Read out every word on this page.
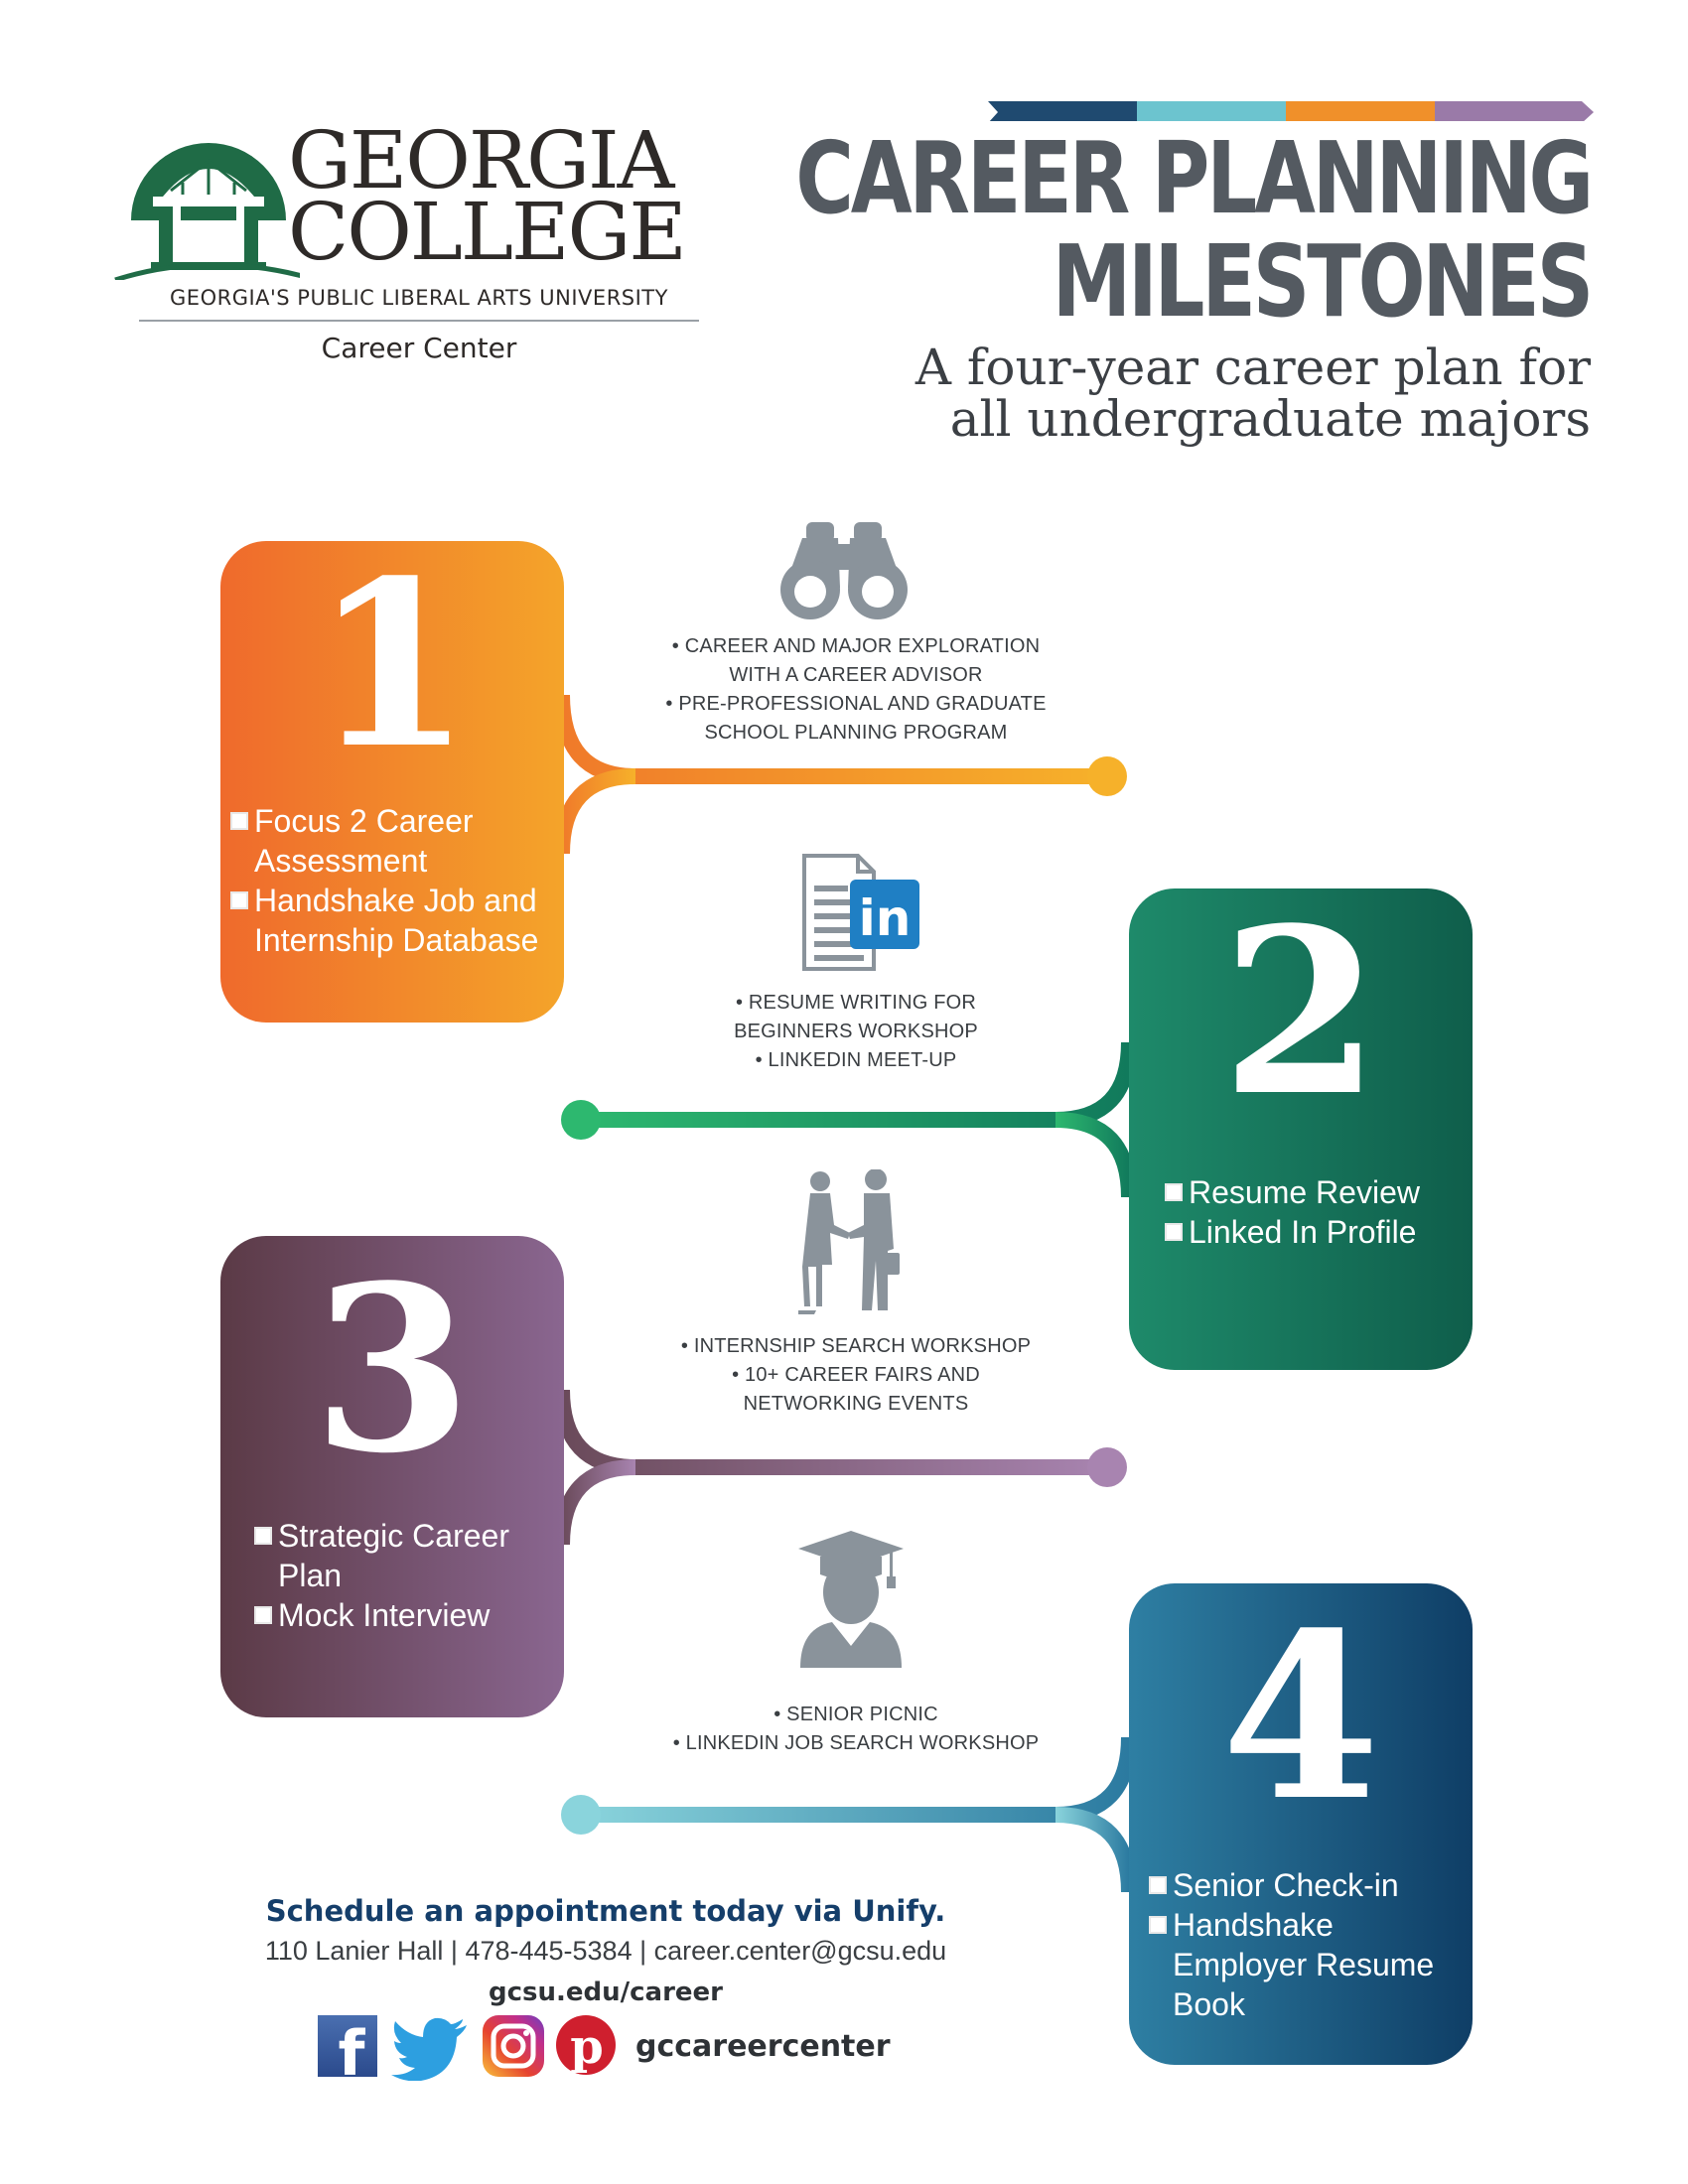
GEORGIA
COLLEGE
GEORGIA'S PUBLIC LIBERAL ARTS UNIVERSITY
Career Center
CAREER PLANNING
MILESTONES
A four-year career plan for
all undergraduate majors
1
Focus 2 Career Assessment
Handshake Job and Internship Database
• CAREER AND MAJOR EXPLORATION
WITH A CAREER ADVISOR
• PRE-PROFESSIONAL AND GRADUATE
SCHOOL PLANNING PROGRAM
2
Resume Review
Linked In Profile
in
• RESUME WRITING FOR
BEGINNERS WORKSHOP
• LINKEDIN MEET-UP
3
Strategic Career Plan
Mock Interview
• INTERNSHIP SEARCH WORKSHOP
• 10+ CAREER FAIRS AND
NETWORKING EVENTS
4
Senior Check-in
Handshake Employer Resume Book
• SENIOR PICNIC
• LINKEDIN JOB SEARCH WORKSHOP
Schedule an appointment today via Unify.
110 Lanier Hall | 478-445-5384 | career.center@gcsu.edu
gcsu.edu/career
f	p gccareercenter
